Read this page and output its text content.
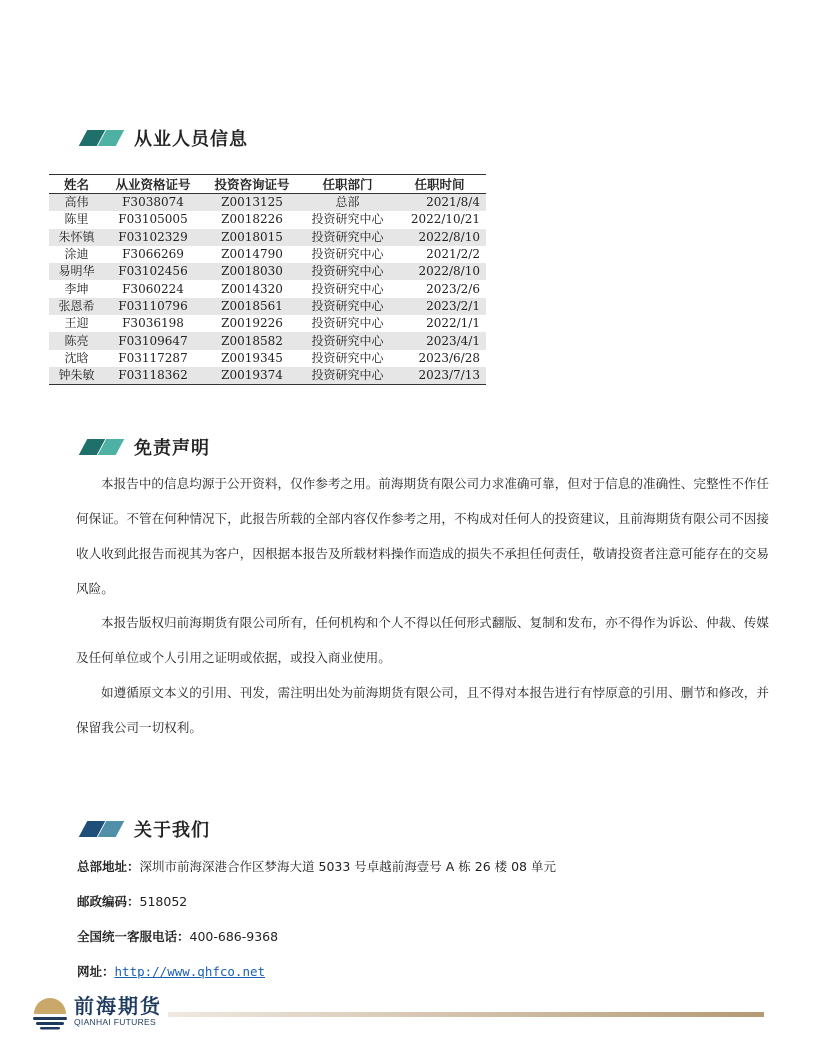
从业人员信息
姓名	从业资格证号	投资咨询证号	任职部门	任职时间
高伟	F3038074	Z0013125	总部	2021/8/4
陈里	F03105005	Z0018226	投资研究中心	2022/10/21
朱怀镇	F03102329	Z0018015	投资研究中心	2022/8/10
涂迪	F3066269	Z0014790	投资研究中心	2021/2/2
易明华	F03102456	Z0018030	投资研究中心	2022/8/10
李坤	F3060224	Z0014320	投资研究中心	2023/2/6
张恩希	F03110796	Z0018561	投资研究中心	2023/2/1
王迎	F3036198	Z0019226	投资研究中心	2022/1/1
陈亮	F03109647	Z0018582	投资研究中心	2023/4/1
沈晗	F03117287	Z0019345	投资研究中心	2023/6/28
钟朱敏	F03118362	Z0019374	投资研究中心	2023/7/13
免责声明

本报告中的信息均源于公开资料，仅作参考之用。前海期货有限公司力求准确可靠，但对于信息的准确性、完整性不作任何保证。不管在何种情况下，此报告所载的全部内容仅作参考之用，不构成对任何人的投资建议，且前海期货有限公司不因接收人收到此报告而视其为客户，因根据本报告及所载材料操作而造成的损失不承担任何责任，敬请投资者注意可能存在的交易风险。

本报告版权归前海期货有限公司所有，任何机构和个人不得以任何形式翻版、复制和发布，亦不得作为诉讼、仲裁、传媒及任何单位或个人引用之证明或依据，或投入商业使用。

如遵循原文本义的引用、刊发，需注明出处为前海期货有限公司，且不得对本报告进行有悖原意的引用、删节和修改，并保留我公司一切权利。

关于我们
总部地址：深圳市前海深港合作区梦海大道 5033 号卓越前海壹号 A 栋 26 楼 08 单元
邮政编码：518052
全国统一客服电话：400-686-9368
网址：http://www.qhfco.net
前海期货
QIANHAI FUTURES
